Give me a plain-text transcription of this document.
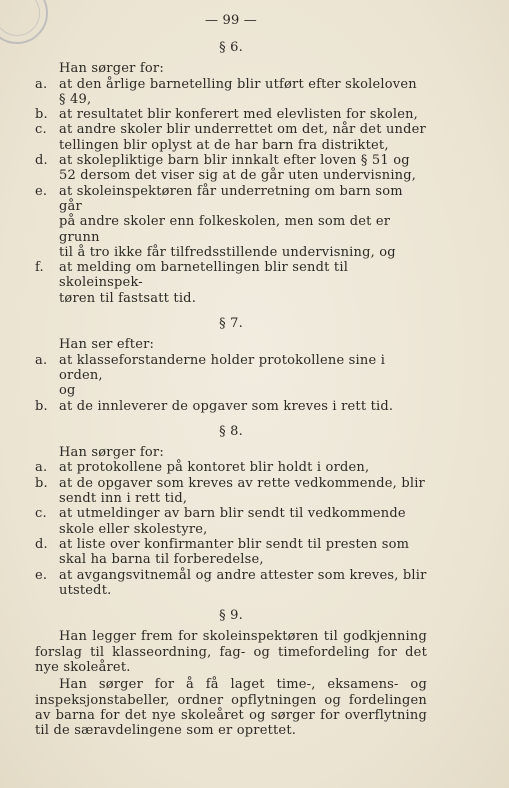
— 99 —
§ 6.
Han sørger for:
a. at den årlige barnetelling blir utført efter skoleloven
§ 49,
b. at resultatet blir konferert med elevlisten for skolen,
c. at andre skoler blir underrettet om det, når det under
tellingen blir oplyst at de har barn fra distriktet,
d. at skolepliktige barn blir innkalt efter loven § 51 og
52 dersom det viser sig at de går uten undervisning,
e. at skoleinspektøren får underretning om barn som går
på andre skoler enn folkeskolen, men som det er grunn
til å tro ikke får tilfredsstillende undervisning, og
f. at melding om barnetellingen blir sendt til skoleinspek-
tøren til fastsatt tid.
§ 7.
Han ser efter:
a. at klasseforstanderne holder protokollene sine i orden,
og
b. at de innleverer de opgaver som kreves i rett tid.
§ 8.
Han sørger for:
a. at protokollene på kontoret blir holdt i orden,
b. at de opgaver som kreves av rette vedkommende, blir
sendt inn i rett tid,
c. at utmeldinger av barn blir sendt til vedkommende
skole eller skolestyre,
d. at liste over konfirmanter blir sendt til presten som
skal ha barna til forberedelse,
e. at avgangsvitnemål og andre attester som kreves, blir
utstedt.
§ 9.
Han legger frem for skoleinspektøren til godkjenning forslag til klasseordning, fag- og timefordeling for det nye skoleåret.
Han sørger for å få laget time-, eksamens- og inspeksjonstabeller, ordner opflytningen og fordelingen av barna for det nye skoleåret og sørger for overflytning til de særavdelingene som er oprettet.
